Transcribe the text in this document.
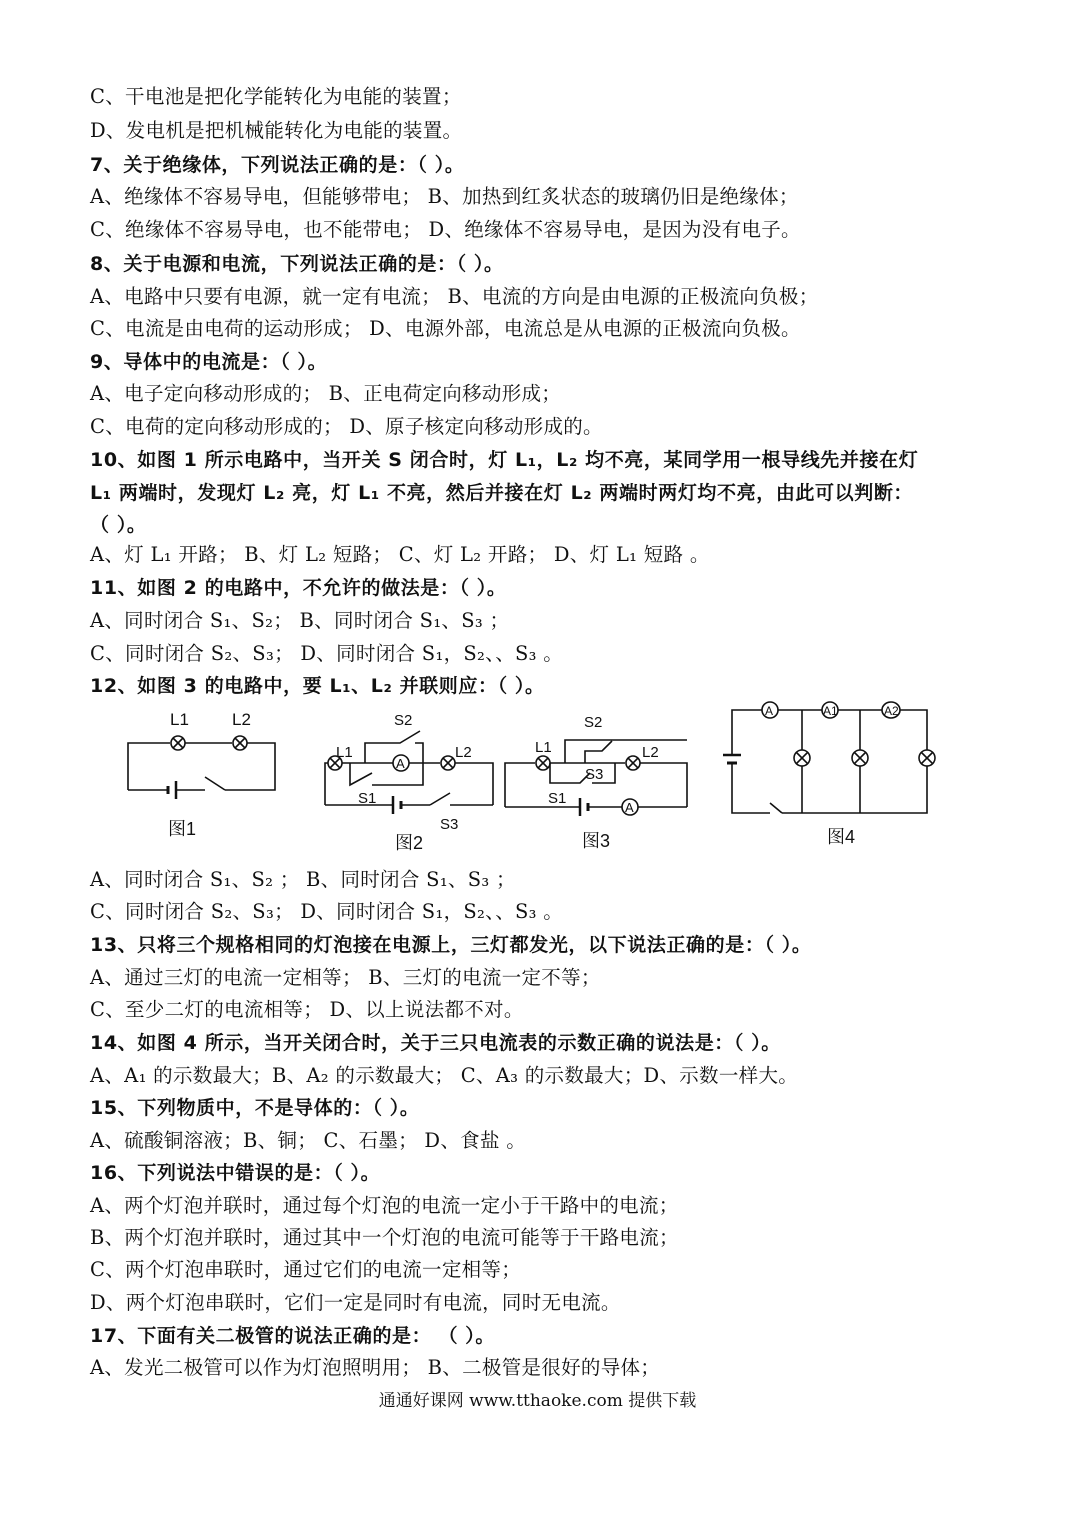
C、干电池是把化学能转化为电能的装置；
D、发电机是把机械能转化为电能的装置。
7、关于绝缘体，下列说法正确的是：（ ）。
A、绝缘体不容易导电，但能够带电； B、加热到红炙状态的玻璃仍旧是绝缘体；
C、绝缘体不容易导电，也不能带电； D、绝缘体不容易导电，是因为没有电子。
8、关于电源和电流，下列说法正确的是：（ ）。
A、电路中只要有电源，就一定有电流； B、电流的方向是由电源的正极流向负极；
C、电流是由电荷的运动形成； D、电源外部，电流总是从电源的正极流向负极。
9、导体中的电流是：（ ）。
A、电子定向移动形成的； B、正电荷定向移动形成；
C、电荷的定向移动形成的； D、原子核定向移动形成的。
10、如图 1 所示电路中，当开关 S 闭合时，灯 L₁，L₂ 均不亮，某同学用一根导线先并接在灯
L₁ 两端时，发现灯 L₂ 亮，灯 L₁ 不亮，然后并接在灯 L₂ 两端时两灯均不亮，由此可以判断：
（ ）。
A、灯 L₁ 开路； B、灯 L₂ 短路； C、灯 L₂ 开路； D、灯 L₁ 短路 。
11、如图 2 的电路中，不允许的做法是：（ ）。
A、同时闭合 S₁、S₂； B、同时闭合 S₁、S₃ ；
C、同时闭合 S₂、S₃； D、同时闭合 S₁，S₂、、S₃ 。
12、如图 3 的电路中，要 L₁、L₂ 并联则应：（ ）。
A、同时闭合 S₁、S₂ ； B、同时闭合 S₁、S₃ ；
C、同时闭合 S₂、S₃； D、同时闭合 S₁，S₂、、S₃ 。
13、只将三个规格相同的灯泡接在电源上，三灯都发光，以下说法正确的是：（ ）。
A、通过三灯的电流一定相等； B、三灯的电流一定不等；
C、至少二灯的电流相等； D、以上说法都不对。
14、如图 4 所示，当开关闭合时，关于三只电流表的示数正确的说法是：（ ）。
A、A₁ 的示数最大；B、A₂ 的示数最大； C、A₃ 的示数最大；D、示数一样大。
15、下列物质中，不是导体的：（ ）。
A、硫酸铜溶液；B、铜； C、石墨； D、食盐 。
16、下列说法中错误的是：（ ）。
A、两个灯泡并联时，通过每个灯泡的电流一定小于干路中的电流；
B、两个灯泡并联时，通过其中一个灯泡的电流可能等于干路电流；
C、两个灯泡串联时，通过它们的电流一定相等；
D、两个灯泡串联时，它们一定是同时有电流，同时无电流。
17、下面有关二极管的说法正确的是： （ ）。
A、发光二极管可以作为灯泡照明用； B、二极管是很好的导体；
L1	L2
图1
L1	L2
S2
S1
S3
A
图2
L1	L2
S2
S3
S1
A
图3
A	A1	A2
图4
通通好课网 www.tthaoke.com 提供下载
